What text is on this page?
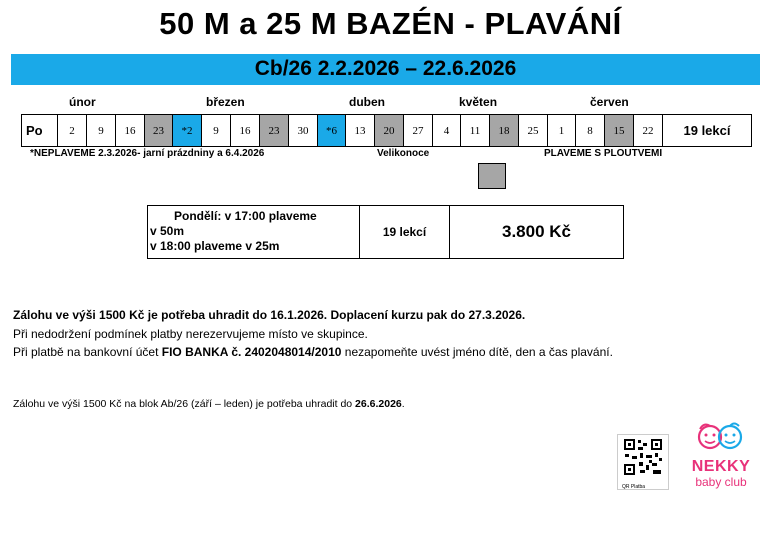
50 M a 25 M BAZÉN - PLAVÁNÍ
Cb/26 2.2.2026 – 22.6.2026
únor	březen	duben	květen	červen
Po	2	9	16	23	*2	9	16	23	30	*6	13	20	27	4	11	18	25	1	8	15	22	19 lekcí
*NEPLAVEME 2.3.2026- jarní prázdniny a 6.4.2026	Velikonoce	PLAVEME S PLOUTVEMI
Pondělí: v 17:00 plaveme
v 50m
v 18:00 plaveme v 25m
19 lekcí	3.800 Kč
Zálohu ve výši 1500 Kč je potřeba uhradit do 16.1.2026. Doplacení kurzu pak do 27.3.2026.
Při nedodržení podmínek platby nerezervujeme místo ve skupince.
Při platbě na bankovní účet FIO BANKA č. 2402048014/2010 nezapomeňte uvést jméno dítě, den a čas plavání.
Zálohu ve výši 1500 Kč na blok Ab/26 (září – leden) je potřeba uhradit do 26.6.2026.
QR Platba
NEKKY
baby club
